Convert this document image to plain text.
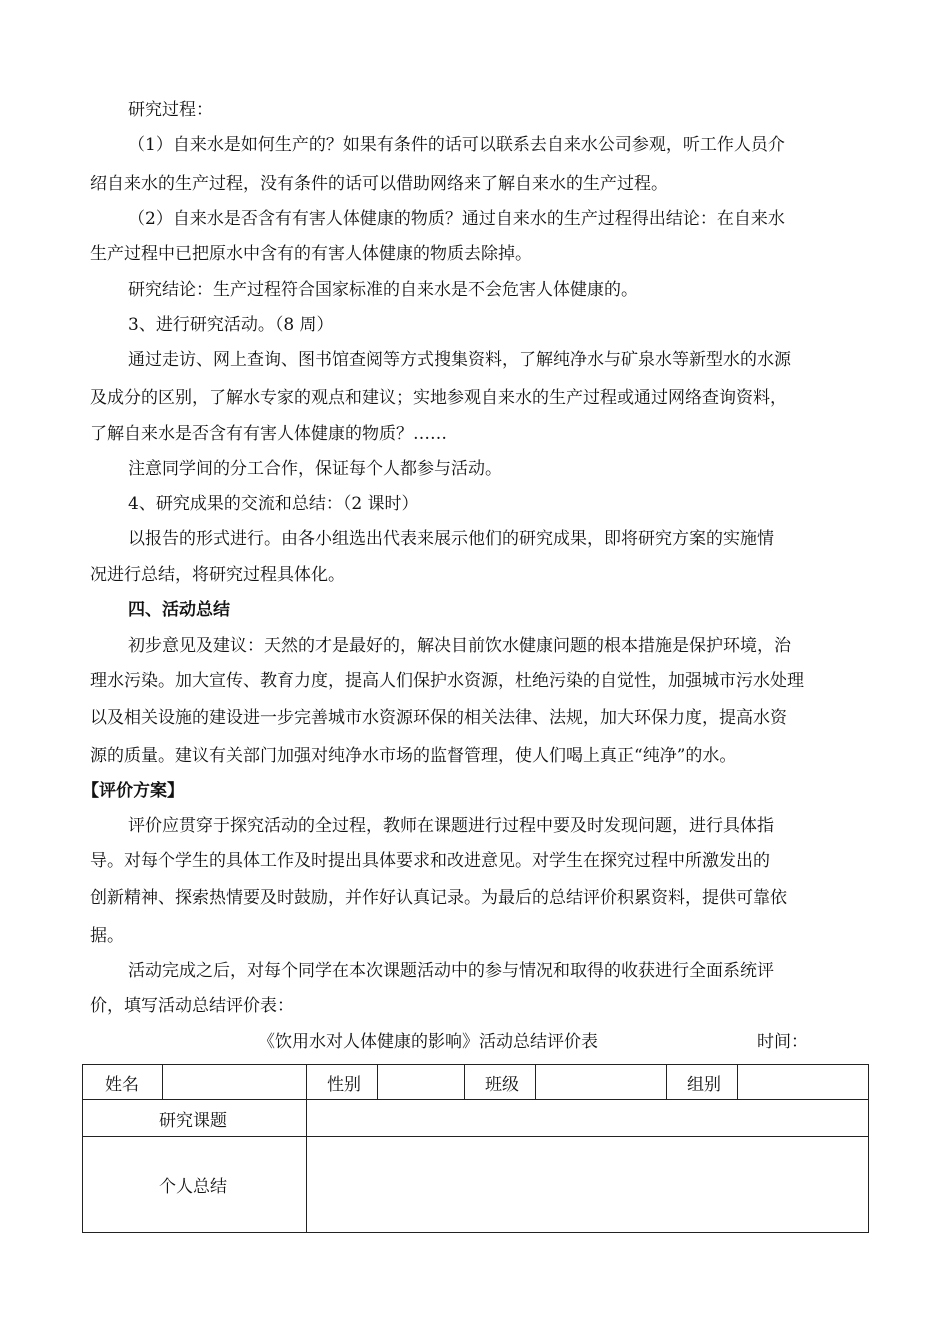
研究过程：
（1）自来水是如何生产的？如果有条件的话可以联系去自来水公司参观，听工作人员介
绍自来水的生产过程，没有条件的话可以借助网络来了解自来水的生产过程。
（2）自来水是否含有有害人体健康的物质？通过自来水的生产过程得出结论：在自来水
生产过程中已把原水中含有的有害人体健康的物质去除掉。
研究结论：生产过程符合国家标准的自来水是不会危害人体健康的。
3、进行研究活动。（8 周）
通过走访、网上查询、图书馆查阅等方式搜集资料，了解纯净水与矿泉水等新型水的水源
及成分的区别，了解水专家的观点和建议；实地参观自来水的生产过程或通过网络查询资料，
了解自来水是否含有有害人体健康的物质？……
注意同学间的分工合作，保证每个人都参与活动。
4、研究成果的交流和总结：（2 课时）
以报告的形式进行。由各小组选出代表来展示他们的研究成果，即将研究方案的实施情
况进行总结，将研究过程具体化。
四、活动总结
初步意见及建议：天然的才是最好的，解决目前饮水健康问题的根本措施是保护环境，治
理水污染。加大宣传、教育力度，提高人们保护水资源，杜绝污染的自觉性，加强城市污水处理
以及相关设施的建设进一步完善城市水资源环保的相关法律、法规，加大环保力度，提高水资
源的质量。建议有关部门加强对纯净水市场的监督管理，使人们喝上真正“纯净”的水。
【评价方案】
评价应贯穿于探究活动的全过程，教师在课题进行过程中要及时发现问题，进行具体指
导。对每个学生的具体工作及时提出具体要求和改进意见。对学生在探究过程中所激发出的
创新精神、探索热情要及时鼓励，并作好认真记录。为最后的总结评价积累资料，提供可靠依
据。
活动完成之后，对每个同学在本次课题活动中的参与情况和取得的收获进行全面系统评
价，填写活动总结评价表：
《饮用水对人体健康的影响》活动总结评价表	时间：
姓名		性别		班级		组别	

研究课题							

个人总结							
